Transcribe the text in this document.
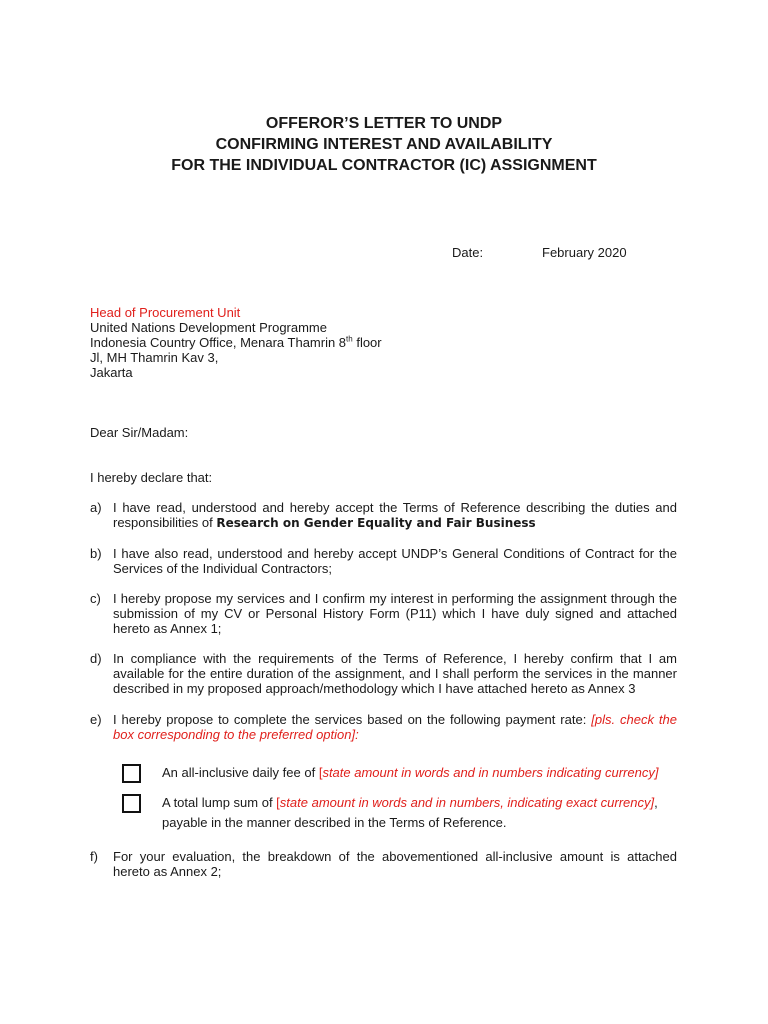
OFFEROR’S LETTER TO UNDP
CONFIRMING INTEREST AND AVAILABILITY
FOR THE INDIVIDUAL CONTRACTOR (IC) ASSIGNMENT
Date:	February 2020
Head of Procurement Unit
United Nations Development Programme
Indonesia Country Office, Menara Thamrin 8th floor
Jl, MH Thamrin Kav 3,
Jakarta
Dear Sir/Madam:
I hereby declare that:
a) I have read, understood and hereby accept the Terms of Reference describing the duties and responsibilities of Research on Gender Equality and Fair Business
b) I have also read, understood and hereby accept UNDP’s General Conditions of Contract for the Services of the Individual Contractors;
c) I hereby propose my services and I confirm my interest in performing the assignment through the submission of my CV or Personal History Form (P11) which I have duly signed and attached hereto as Annex 1;
d) In compliance with the requirements of the Terms of Reference, I hereby confirm that I am available for the entire duration of the assignment, and I shall perform the services in the manner described in my proposed approach/methodology which I have attached hereto as Annex 3
e) I hereby propose to complete the services based on the following payment rate: [pls. check the box corresponding to the preferred option]:
An all-inclusive daily fee of [state amount in words and in numbers indicating currency]
A total lump sum of [state amount in words and in numbers, indicating exact currency],
payable in the manner described in the Terms of Reference.
f)	For your evaluation, the breakdown of the abovementioned all-inclusive amount is attached hereto as Annex 2;
